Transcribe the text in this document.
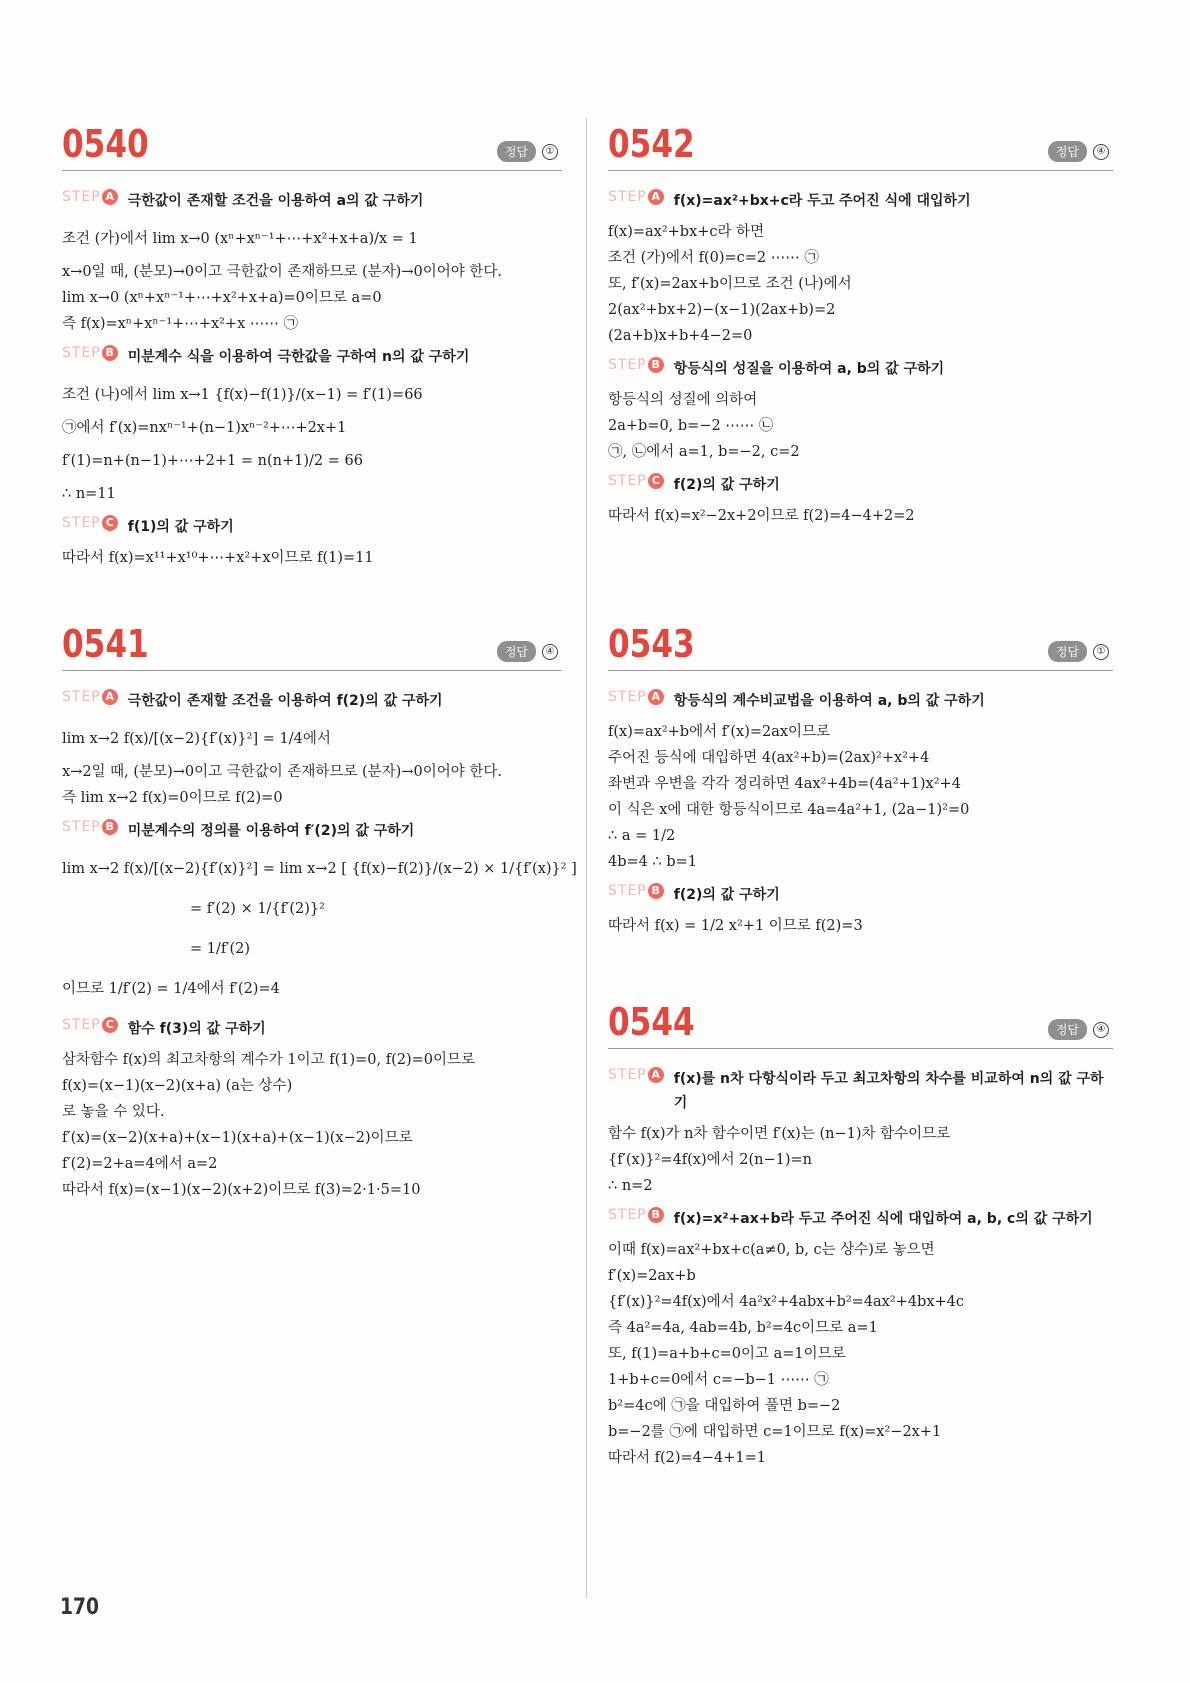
0540	정답	①
STEP A 극한값이 존재할 조건을 이용하여 a의 값 구하기
조건 (가)에서 lim x→0 (xⁿ+xⁿ⁻¹+⋯+x²+x+a)/x = 1
x→0일 때, (분모)→0이고 극한값이 존재하므로 (분자)→0이어야 한다.
lim x→0 (xⁿ+xⁿ⁻¹+⋯+x²+x+a)=0이므로 a=0
즉 f(x)=xⁿ+xⁿ⁻¹+⋯+x²+x ⋯⋯ ㉠
STEP B 미분계수 식을 이용하여 극한값을 구하여 n의 값 구하기
조건 (나)에서 lim x→1 {f(x)−f(1)}/(x−1) = f′(1)=66
㉠에서 f′(x)=nxⁿ⁻¹+(n−1)xⁿ⁻²+⋯+2x+1
f′(1)=n+(n−1)+⋯+2+1 = n(n+1)/2 = 66
∴ n=11
STEP C f(1)의 값 구하기
따라서 f(x)=x¹¹+x¹⁰+⋯+x²+x이므로 f(1)=11
0541	정답	④
STEP A 극한값이 존재할 조건을 이용하여 f(2)의 값 구하기
lim x→2 f(x)/[(x−2){f′(x)}²] = 1/4에서
x→2일 때, (분모)→0이고 극한값이 존재하므로 (분자)→0이어야 한다.
즉 lim x→2 f(x)=0이므로 f(2)=0
STEP B 미분계수의 정의를 이용하여 f′(2)의 값 구하기
lim x→2 f(x)/[(x−2){f′(x)}²] = lim x→2 [ {f(x)−f(2)}/(x−2) × 1/{f′(x)}² ]
= f′(2) × 1/{f′(2)}²
= 1/f′(2)
이므로 1/f′(2) = 1/4에서 f′(2)=4
STEP C 함수 f(3)의 값 구하기
삼차함수 f(x)의 최고차항의 계수가 1이고 f(1)=0, f(2)=0이므로
f(x)=(x−1)(x−2)(x+a) (a는 상수)
로 놓을 수 있다.
f′(x)=(x−2)(x+a)+(x−1)(x+a)+(x−1)(x−2)이므로
f′(2)=2+a=4에서 a=2
따라서 f(x)=(x−1)(x−2)(x+2)이므로 f(3)=2·1·5=10
0542	정답	④
STEP A f(x)=ax²+bx+c라 두고 주어진 식에 대입하기
f(x)=ax²+bx+c라 하면
조건 (가)에서 f(0)=c=2 ⋯⋯ ㉠
또, f′(x)=2ax+b이므로 조건 (나)에서
2(ax²+bx+2)−(x−1)(2ax+b)=2
(2a+b)x+b+4−2=0
STEP B 항등식의 성질을 이용하여 a, b의 값 구하기
항등식의 성질에 의하여
2a+b=0, b=−2 ⋯⋯ ㉡
㉠, ㉡에서 a=1, b=−2, c=2
STEP C f(2)의 값 구하기
따라서 f(x)=x²−2x+2이므로 f(2)=4−4+2=2
0543	정답	①
STEP A 항등식의 계수비교법을 이용하여 a, b의 값 구하기
f(x)=ax²+b에서 f′(x)=2ax이므로
주어진 등식에 대입하면 4(ax²+b)=(2ax)²+x²+4
좌변과 우변을 각각 정리하면 4ax²+4b=(4a²+1)x²+4
이 식은 x에 대한 항등식이므로 4a=4a²+1, (2a−1)²=0
∴ a = 1/2
4b=4 ∴ b=1
STEP B f(2)의 값 구하기
따라서 f(x) = 1/2 x²+1 이므로 f(2)=3
0544	정답	④
STEP A f(x)를 n차 다항식이라 두고 최고차항의 차수를 비교하여 n의 값 구하기
함수 f(x)가 n차 함수이면 f′(x)는 (n−1)차 함수이므로
{f′(x)}²=4f(x)에서 2(n−1)=n
∴ n=2
STEP B f(x)=x²+ax+b라 두고 주어진 식에 대입하여 a, b, c의 값 구하기
이때 f(x)=ax²+bx+c(a≠0, b, c는 상수)로 놓으면
f′(x)=2ax+b
{f′(x)}²=4f(x)에서 4a²x²+4abx+b²=4ax²+4bx+4c
즉 4a²=4a, 4ab=4b, b²=4c이므로 a=1
또, f(1)=a+b+c=0이고 a=1이므로
1+b+c=0에서 c=−b−1 ⋯⋯ ㉠
b²=4c에 ㉠을 대입하여 풀면 b=−2
b=−2를 ㉠에 대입하면 c=1이므로 f(x)=x²−2x+1
따라서 f(2)=4−4+1=1
170
